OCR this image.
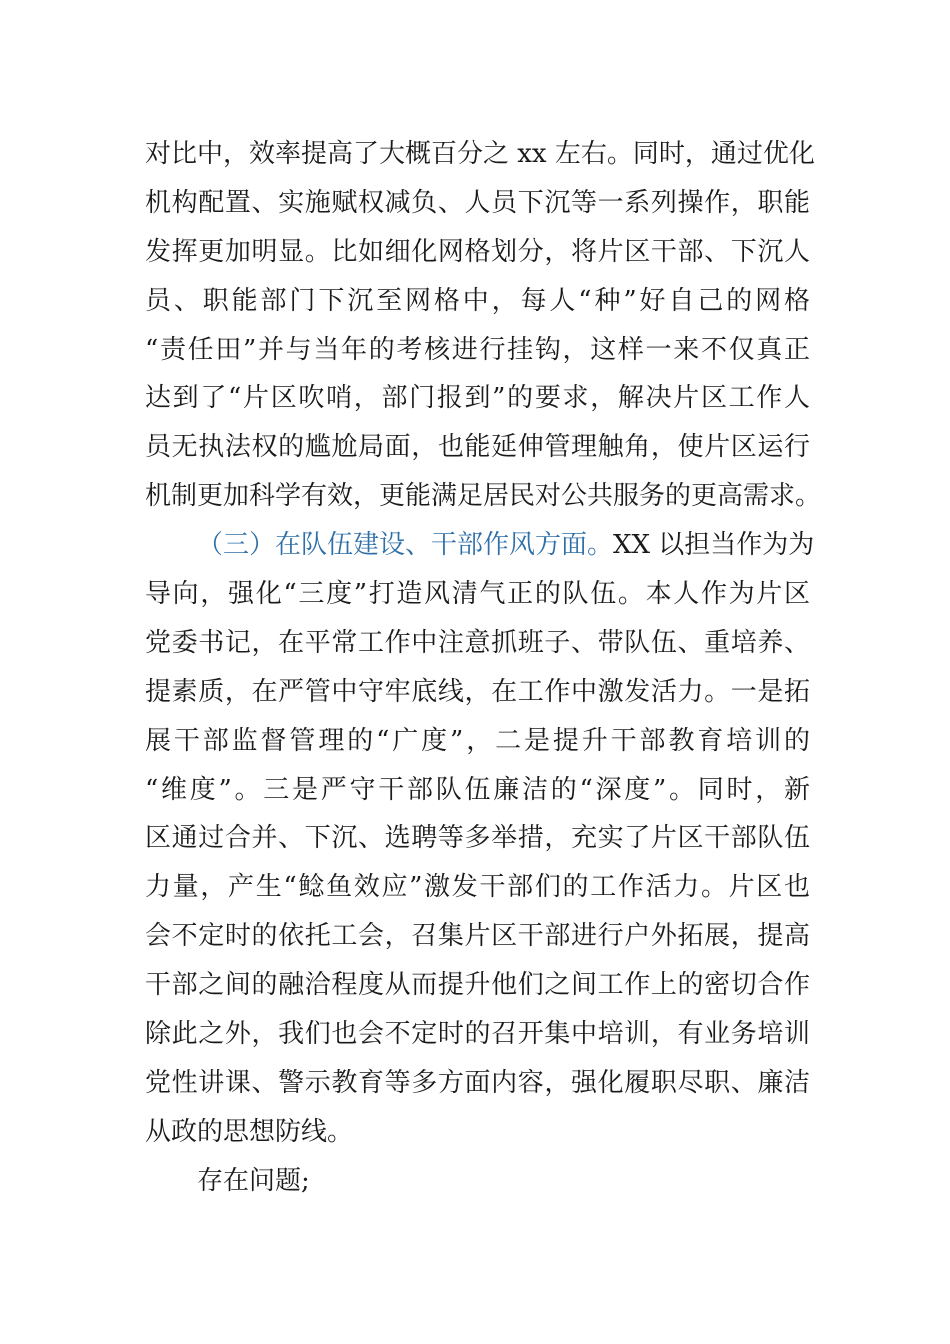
对比中，效率提高了大概百分之 xx 左右。同时，通过优化
机构配置、实施赋权减负、人员下沉等一系列操作，职能
发挥更加明显。比如细化网格划分，将片区干部、下沉人
员、职能部门下沉至网格中，每人“种”好自己的网格
“责任田”并与当年的考核进行挂钩，这样一来不仅真正
达到了“片区吹哨，部门报到”的要求，解决片区工作人
员无执法权的尴尬局面，也能延伸管理触角，使片区运行
机制更加科学有效，更能满足居民对公共服务的更高需求。
（三）在队伍建设、干部作风方面。XX 以担当作为为
导向，强化“三度”打造风清气正的队伍。本人作为片区
党委书记，在平常工作中注意抓班子、带队伍、重培养、
提素质，在严管中守牢底线，在工作中激发活力。一是拓
展干部监督管理的“广度”，二是提升干部教育培训的
“维度”。三是严守干部队伍廉洁的“深度”。同时，新
区通过合并、下沉、选聘等多举措，充实了片区干部队伍
力量，产生“鲶鱼效应”激发干部们的工作活力。片区也
会不定时的依托工会，召集片区干部进行户外拓展，提高
干部之间的融洽程度从而提升他们之间工作上的密切合作
除此之外，我们也会不定时的召开集中培训，有业务培训
党性讲课、警示教育等多方面内容，强化履职尽职、廉洁
从政的思想防线。
存在问题;
